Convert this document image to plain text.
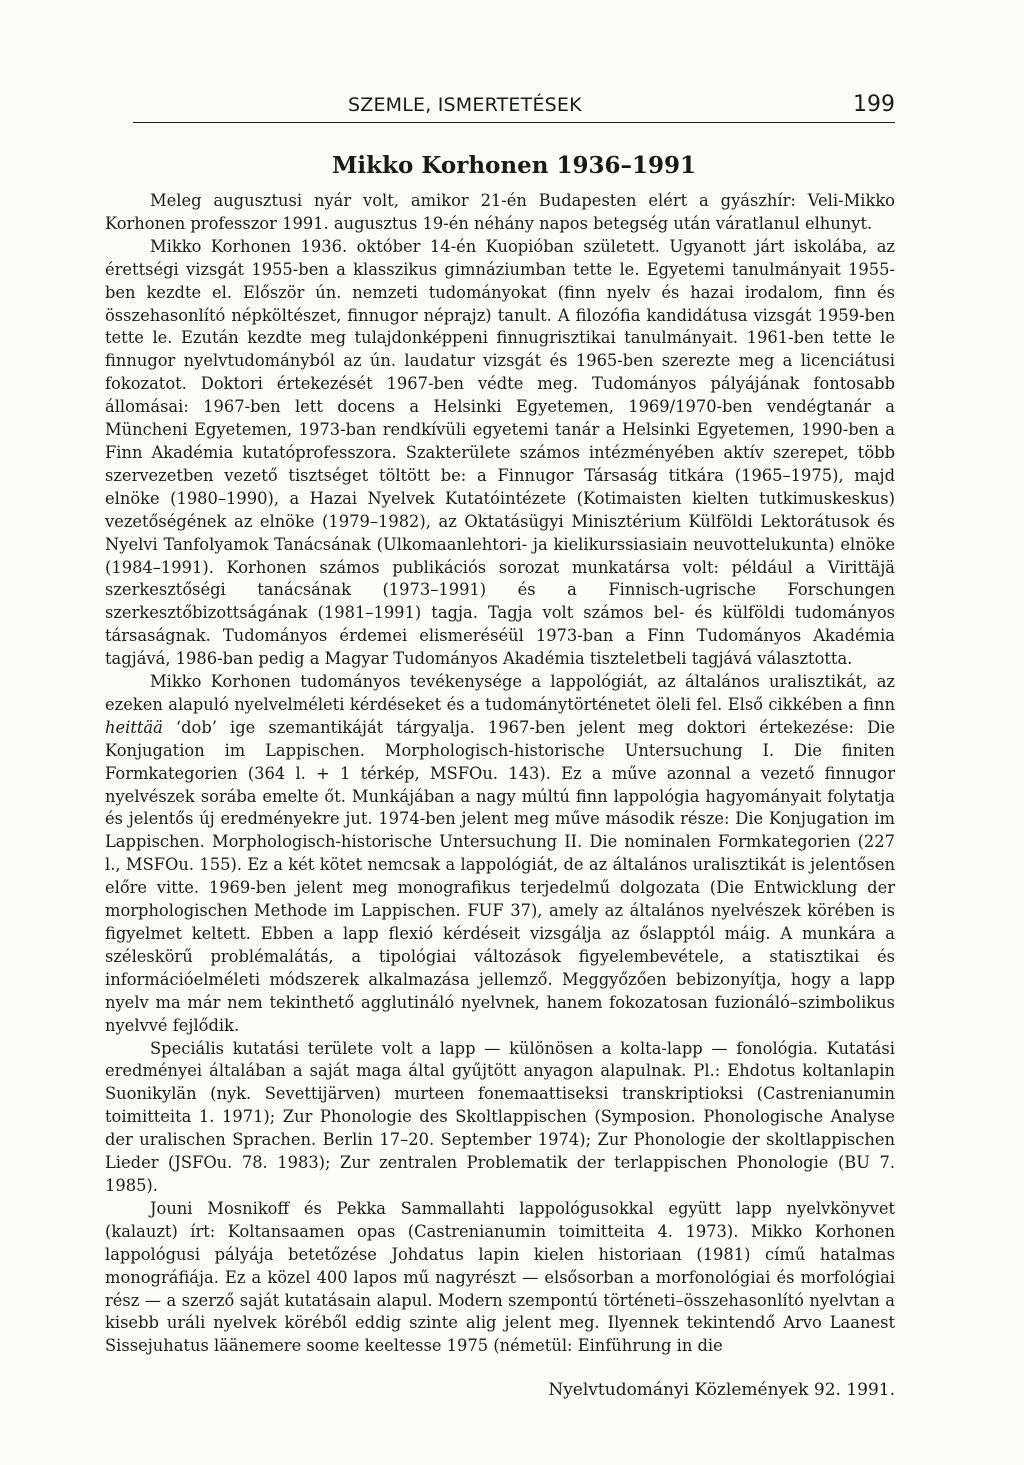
SZEMLE, ISMERTETÉSEK	199
Mikko Korhonen 1936–1991

Meleg augusztusi nyár volt, amikor 21-én Budapesten elért a gyászhír: Veli-Mikko Korhonen professzor 1991. augusztus 19-én néhány napos betegség után váratlanul elhunyt.

Mikko Korhonen 1936. október 14-én Kuopióban született. Ugyanott járt iskolába, az érettségi vizsgát 1955-ben a klasszikus gimnáziumban tette le. Egyetemi tanulmányait 1955-ben kezdte el. Először ún. nemzeti tudományokat (finn nyelv és hazai irodalom, finn és összehasonlító népköltészet, finnugor néprajz) tanult. A filozófia kandidátusa vizsgát 1959-ben tette le. Ezután kezdte meg tulajdonképpeni finnugrisztikai tanulmányait. 1961-ben tette le finnugor nyelvtudományból az ún. laudatur vizsgát és 1965-ben szerezte meg a licenciátusi fokozatot. Doktori értekezését 1967-ben védte meg. Tudományos pályájának fontosabb állomásai: 1967-ben lett docens a Helsinki Egyetemen, 1969/1970-ben vendégtanár a Müncheni Egyetemen, 1973-ban rendkívüli egyetemi tanár a Helsinki Egyetemen, 1990-ben a Finn Akadémia kutatóprofesszora. Szakterülete számos intézményében aktív szerepet, több szervezetben vezető tisztséget töltött be: a Finnugor Társaság titkára (1965–1975), majd elnöke (1980–1990), a Hazai Nyelvek Kutatóintézete (Kotimaisten kielten tutkimuskeskus) vezetőségének az elnöke (1979–1982), az Oktatásügyi Minisztérium Külföldi Lektorátusok és Nyelvi Tanfolyamok Tanácsának (Ulkomaanlehtori- ja kielikurssiasiain neuvottelukunta) elnöke (1984–1991). Korhonen számos publikációs sorozat munkatársa volt: például a Virittäjä szerkesztőségi tanácsának (1973–1991) és a Finnisch-ugrische Forschungen szerkesztőbizottságának (1981–1991) tagja. Tagja volt számos bel- és külföldi tudományos társaságnak. Tudományos érdemei elismeréséül 1973-ban a Finn Tudományos Akadémia tagjává, 1986-ban pedig a Magyar Tudományos Akadémia tiszteletbeli tagjává választotta.

Mikko Korhonen tudományos tevékenysége a lappológiát, az általános uralisztikát, az ezeken alapuló nyelvelméleti kérdéseket és a tudománytörténetet öleli fel. Első cikkében a finn heittää ‘dob’ ige szemantikáját tárgyalja. 1967-ben jelent meg doktori értekezése: Die Konjugation im Lappischen. Morphologisch-historische Untersuchung I. Die finiten Formkategorien (364 l. + 1 térkép, MSFOu. 143). Ez a műve azonnal a vezető finnugor nyelvészek sorába emelte őt. Munkájában a nagy múltú finn lappológia hagyományait folytatja és jelentős új eredményekre jut. 1974-ben jelent meg műve második része: Die Konjugation im Lappischen. Morphologisch-historische Untersuchung II. Die nominalen Formkategorien (227 l., MSFOu. 155). Ez a két kötet nemcsak a lappológiát, de az általános uralisztikát is jelentősen előre vitte. 1969-ben jelent meg monografikus terjedelmű dolgozata (Die Entwicklung der morphologischen Methode im Lappischen. FUF 37), amely az általános nyelvészek körében is figyelmet keltett. Ebben a lapp flexió kérdéseit vizsgálja az őslapptól máig. A munkára a széleskörű problémalátás, a tipológiai változások figyelembevétele, a statisztikai és információelméleti módszerek alkalmazása jellemző. Meggyőzően bebizonyítja, hogy a lapp nyelv ma már nem tekinthető agglutináló nyelvnek, hanem fokozatosan fuzionáló–szimbolikus nyelvvé fejlődik.

Speciális kutatási területe volt a lapp — különösen a kolta-lapp — fonológia. Kutatási eredményei általában a saját maga által gyűjtött anyagon alapulnak. Pl.: Ehdotus koltanlapin Suonikylän (nyk. Sevettijärven) murteen fonemaattiseksi transkriptioksi (Castrenianumin toimitteita 1. 1971); Zur Phonologie des Skoltlappischen (Symposion. Phonologische Analyse der uralischen Sprachen. Berlin 17–20. September 1974); Zur Phonologie der skoltlappischen Lieder (JSFOu. 78. 1983); Zur zentralen Problematik der terlappischen Phonologie (BU 7. 1985).

Jouni Mosnikoff és Pekka Sammallahti lappológusokkal együtt lapp nyelvkönyvet (kalauzt) írt: Koltansaamen opas (Castrenianumin toimitteita 4. 1973). Mikko Korhonen lappológusi pályája betetőzése Johdatus lapin kielen historiaan (1981) című hatalmas monográfiája. Ez a közel 400 lapos mű nagyrészt — elsősorban a morfonológiai és morfológiai rész — a szerző saját kutatásain alapul. Modern szempontú történeti–összehasonlító nyelvtan a kisebb uráli nyelvek köréből eddig szinte alig jelent meg. Ilyennek tekintendő Arvo Laanest Sissejuhatus läänemere soome keeltesse 1975 (németül: Einführung in die

Nyelvtudományi Közlemények 92. 1991.
